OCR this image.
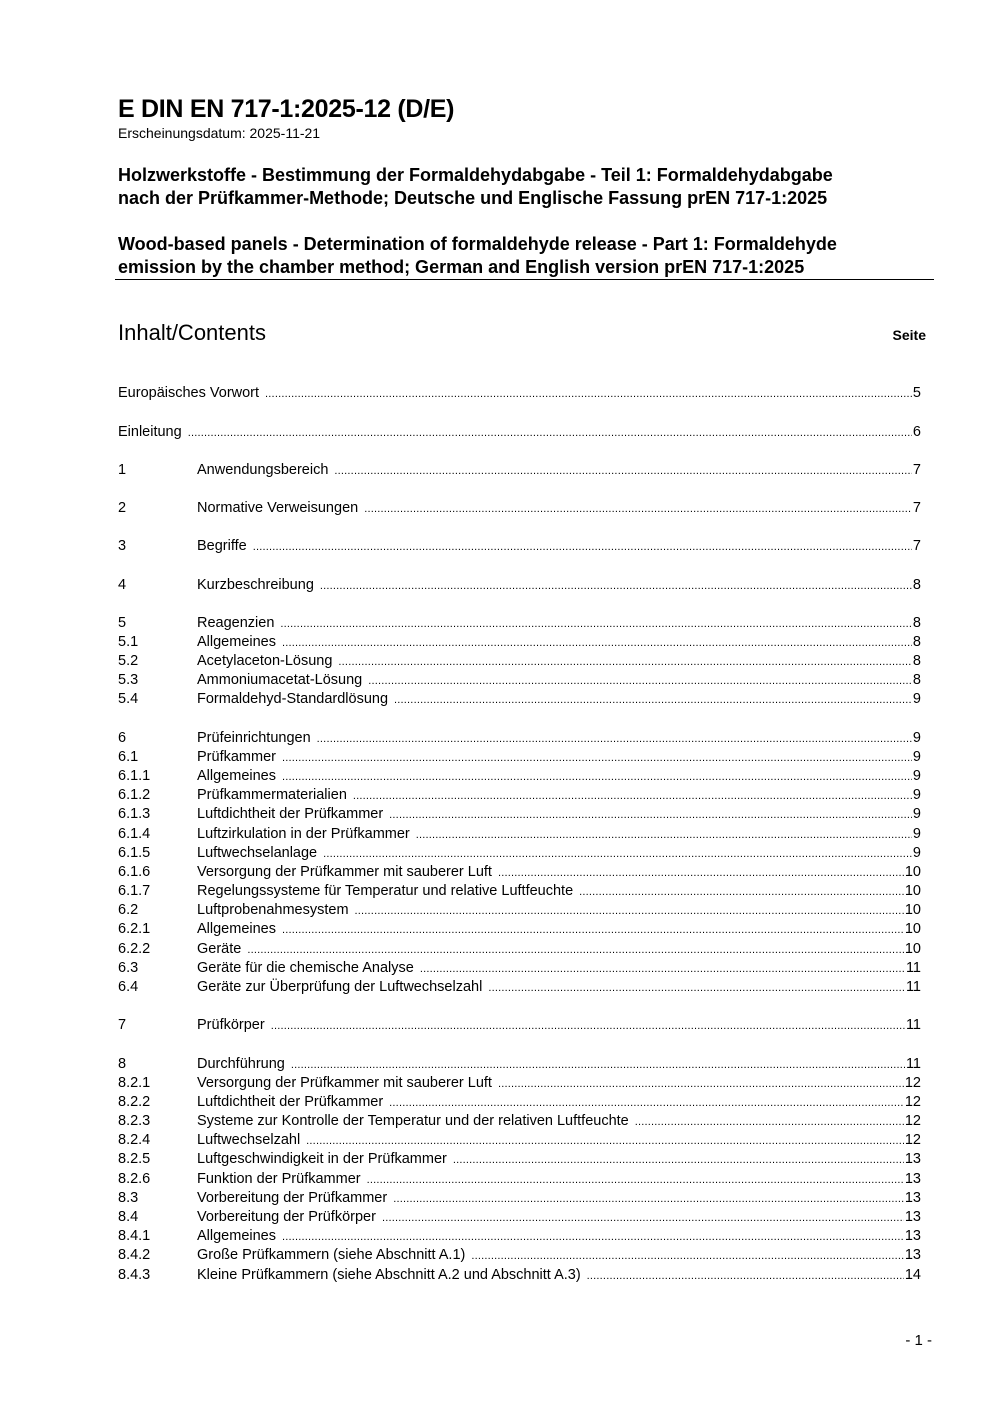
E DIN EN 717-1:2025-12 (D/E)
Erscheinungsdatum: 2025-11-21
Holzwerkstoffe - Bestimmung der Formaldehydabgabe - Teil 1: Formaldehydabgabe
nach der Prüfkammer-Methode; Deutsche und Englische Fassung prEN 717-1:2025
Wood-based panels - Determination of formaldehyde release - Part 1: Formaldehyde
emission by the chamber method; German and English version prEN 717-1:2025
Inhalt/Contents	Seite
Europäisches Vorwort .....	5
Einleitung .....	6
1	Anwendungsbereich .....	7
2	Normative Verweisungen .....	7
3	Begriffe .....	7
4	Kurzbeschreibung .....	8
5	Reagenzien .....	8
5.1	Allgemeines .....	8
5.2	Acetylaceton-Lösung .....	8
5.3	Ammoniumacetat-Lösung .....	8
5.4	Formaldehyd-Standardlösung .....	9
6	Prüfeinrichtungen .....	9
6.1	Prüfkammer .....	9
6.1.1	Allgemeines .....	9
6.1.2	Prüfkammermaterialien .....	9
6.1.3	Luftdichtheit der Prüfkammer .....	9
6.1.4	Luftzirkulation in der Prüfkammer .....	9
6.1.5	Luftwechselanlage .....	9
6.1.6	Versorgung der Prüfkammer mit sauberer Luft .....	10
6.1.7	Regelungssysteme für Temperatur und relative Luftfeuchte .....	10
6.2	Luftprobenahmesystem .....	10
6.2.1	Allgemeines .....	10
6.2.2	Geräte .....	10
6.3	Geräte für die chemische Analyse .....	11
6.4	Geräte zur Überprüfung der Luftwechselzahl .....	11
7	Prüfkörper .....	11
8	Durchführung .....	11
8.2.1	Versorgung der Prüfkammer mit sauberer Luft .....	12
8.2.2	Luftdichtheit der Prüfkammer .....	12
8.2.3	Systeme zur Kontrolle der Temperatur und der relativen Luftfeuchte .....	12
8.2.4	Luftwechselzahl .....	12
8.2.5	Luftgeschwindigkeit in der Prüfkammer .....	13
8.2.6	Funktion der Prüfkammer .....	13
8.3	Vorbereitung der Prüfkammer .....	13
8.4	Vorbereitung der Prüfkörper .....	13
8.4.1	Allgemeines .....	13
8.4.2	Große Prüfkammern (siehe Abschnitt A.1) .....	13
8.4.3	Kleine Prüfkammern (siehe Abschnitt A.2 und Abschnitt A.3) .....	14
- 1 -
